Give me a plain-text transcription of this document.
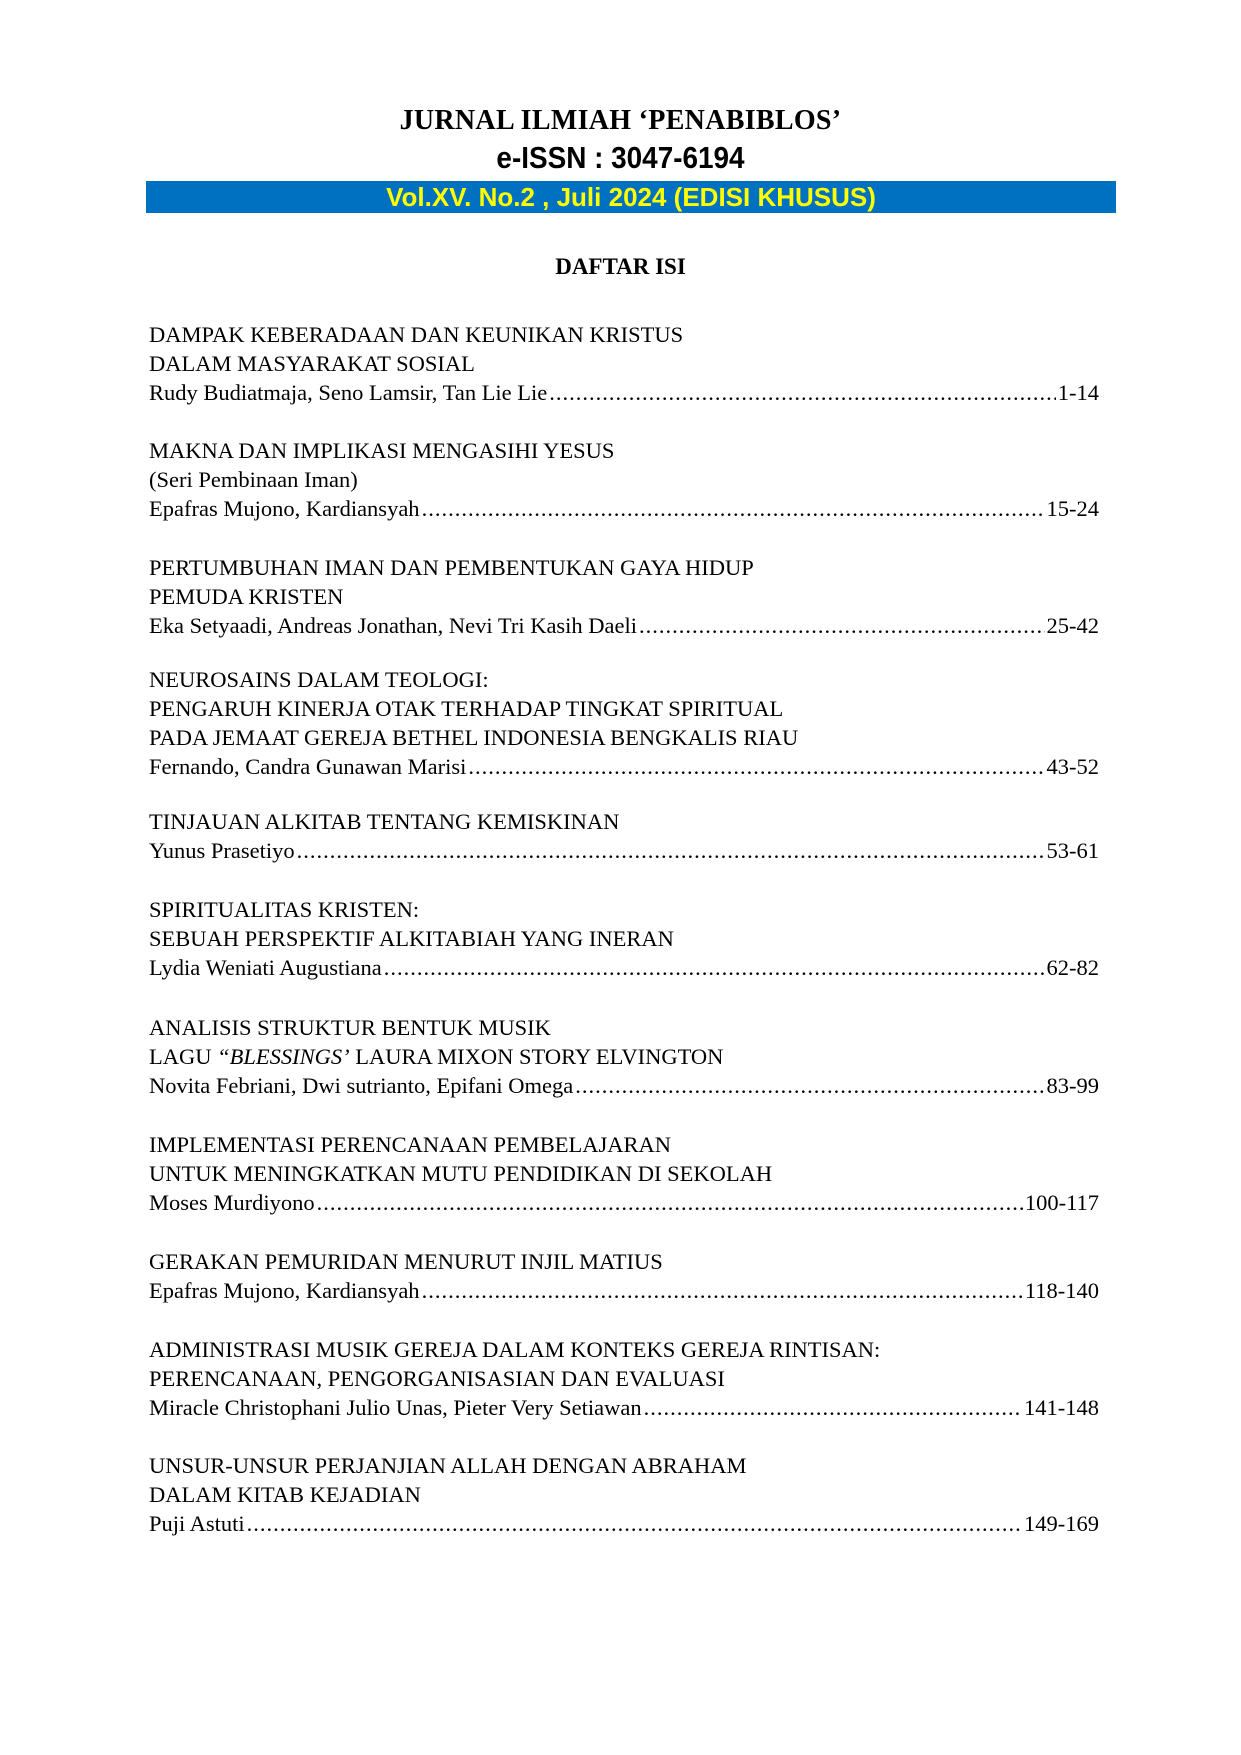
JURNAL ILMIAH ‘PENABIBLOS’
e-ISSN : 3047-6194
Vol.XV. No.2 , Juli 2024 (EDISI KHUSUS)
DAFTAR ISI
DAMPAK KEBERADAAN DAN KEUNIKAN KRISTUS
DALAM MASYARAKAT SOSIAL
Rudy Budiatmaja, Seno Lamsir, Tan Lie Lie .....	1-14
MAKNA DAN IMPLIKASI MENGASIHI YESUS
(Seri Pembinaan Iman)
Epafras Mujono, Kardiansyah .....	15-24
PERTUMBUHAN IMAN DAN PEMBENTUKAN GAYA HIDUP
PEMUDA KRISTEN
Eka Setyaadi, Andreas Jonathan, Nevi Tri Kasih Daeli .....	25-42
NEUROSAINS DALAM TEOLOGI:
PENGARUH KINERJA OTAK TERHADAP TINGKAT SPIRITUAL
PADA JEMAAT GEREJA BETHEL INDONESIA BENGKALIS RIAU
Fernando, Candra Gunawan Marisi .....	43-52
TINJAUAN ALKITAB TENTANG KEMISKINAN
Yunus Prasetiyo .....	53-61
SPIRITUALITAS KRISTEN:
SEBUAH PERSPEKTIF ALKITABIAH YANG INERAN
Lydia Weniati Augustiana .....	62-82
ANALISIS STRUKTUR BENTUK MUSIK
LAGU “BLESSINGS’ LAURA MIXON STORY ELVINGTON
Novita Febriani, Dwi sutrianto, Epifani Omega .....	83-99
IMPLEMENTASI PERENCANAAN PEMBELAJARAN
UNTUK MENINGKATKAN MUTU PENDIDIKAN DI SEKOLAH
Moses Murdiyono .....	100-117
GERAKAN PEMURIDAN MENURUT INJIL MATIUS
Epafras Mujono, Kardiansyah .....	118-140
ADMINISTRASI MUSIK GEREJA DALAM KONTEKS GEREJA RINTISAN:
PERENCANAAN, PENGORGANISASIAN DAN EVALUASI
Miracle Christophani Julio Unas, Pieter Very Setiawan .....	141-148
UNSUR-UNSUR PERJANJIAN ALLAH DENGAN ABRAHAM
DALAM KITAB KEJADIAN
Puji Astuti .....	149-169
